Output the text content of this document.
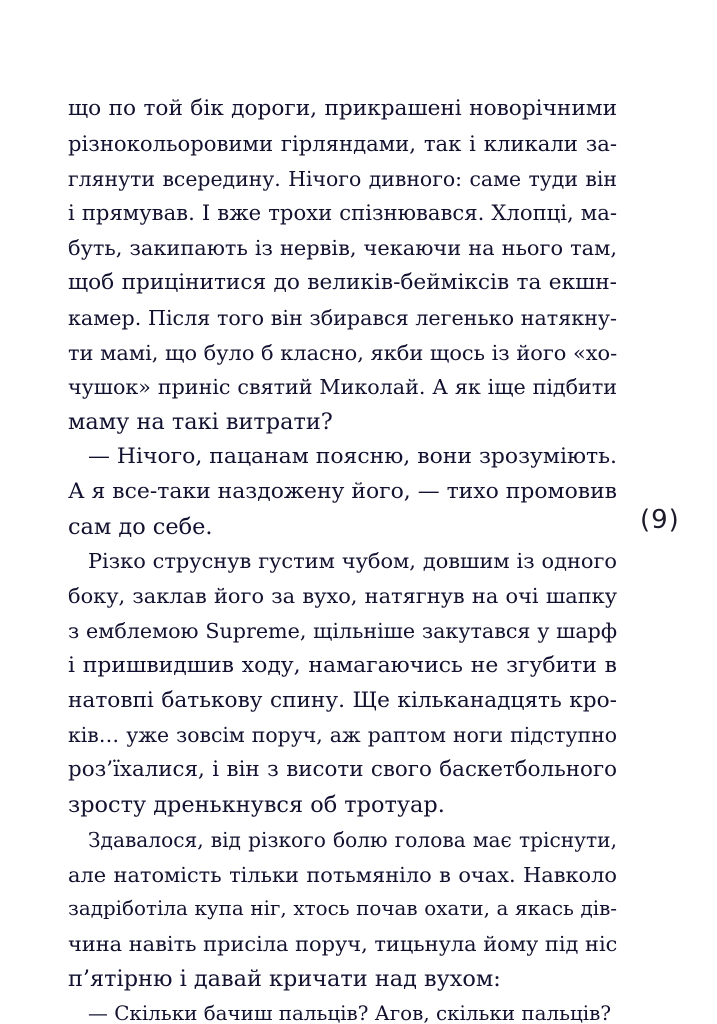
що по той бік дороги, прикрашені новорічними
різнокольоровими гірляндами, так і кликали за-
глянути всередину. Нічого дивного: саме туди він
і прямував. І вже трохи спізнювався. Хлопці, ма-
буть, закипають із нервів, чекаючи на нього там,
щоб прицінитися до великів-бейміксів та екшн-
камер. Після того він збирався легенько натякну-
ти мамі, що було б класно, якби щось із його «хо-
чушок» приніс святий Миколай. А як іще підбити
маму на такі витрати?
— Нічого, пацанам поясню, вони зрозуміють.
А я все-таки наздожену його, — тихо промовив
сам до себе.
Різко струснув густим чубом, довшим із одного
боку, заклав його за вухо, натягнув на очі шапку
з емблемою Supreme, щільніше закутався у шарф
і пришвидшив ходу, намагаючись не згубити в
натовпі батькову спину. Ще кільканадцять кро-
ків… уже зовсім поруч, аж раптом ноги підступно
роз’їхалися, і він з висоти свого баскетбольного
зросту дренькнувся об тротуар.
Здавалося, від різкого болю голова має тріснути,
але натомість тільки потьмяніло в очах. Навколо
задріботіла купа ніг, хтось почав охати, а якась дів-
чина навіть присіла поруч, тицьнула йому під ніс
п’ятірню і давай кричати над вухом:
— Скільки бачиш пальців? Агов, скільки пальців?
(9)
